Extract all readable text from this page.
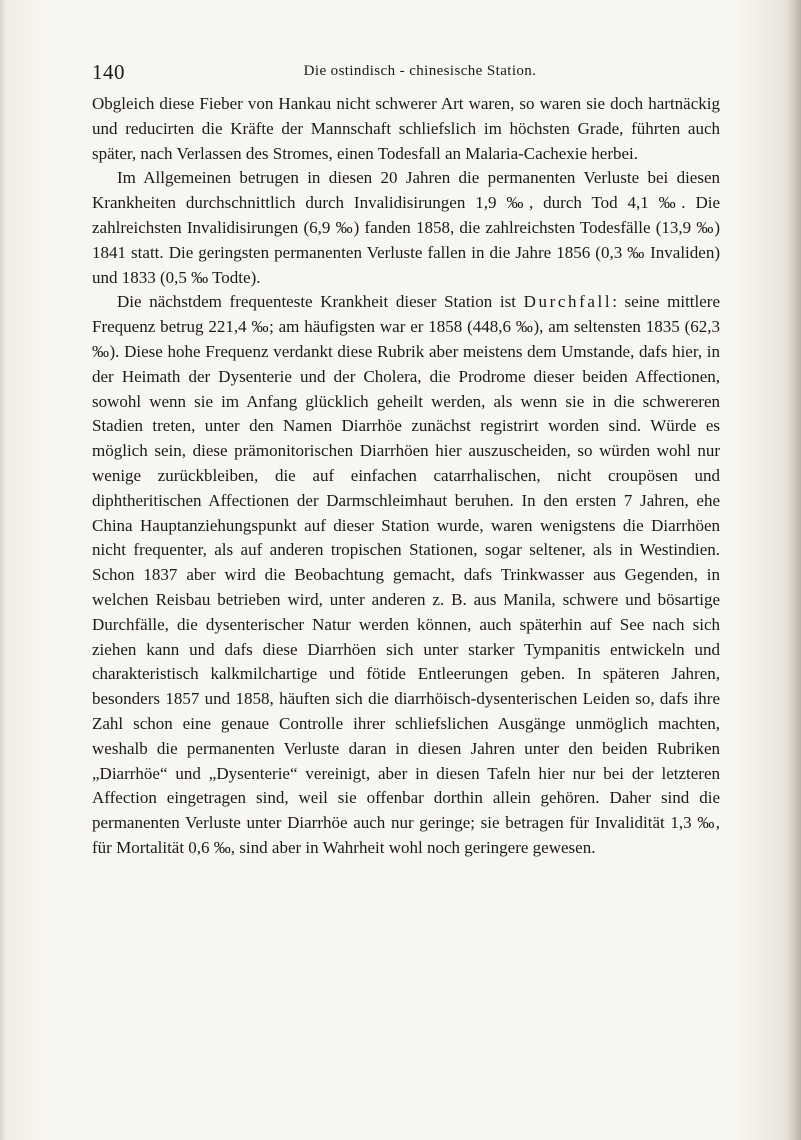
140	Die ostindisch - chinesische Station.

Obgleich diese Fieber von Hankau nicht schwerer Art waren, so waren sie doch hartnäckig und reducirten die Kräfte der Mannschaft schliefslich im höchsten Grade, führten auch später, nach Verlassen des Stromes, einen Todesfall an Malaria-Cachexie herbei.

Im Allgemeinen betrugen in diesen 20 Jahren die permanenten Verluste bei diesen Krankheiten durchschnittlich durch Invalidisirungen 1,9 ‰, durch Tod 4,1 ‰. Die zahlreichsten Invalidisirungen (6,9 ‰) fanden 1858, die zahlreichsten Todesfälle (13,9 ‰) 1841 statt. Die geringsten permanenten Verluste fallen in die Jahre 1856 (0,3 ‰ Invaliden) und 1833 (0,5 ‰ Todte).

Die nächstdem frequenteste Krankheit dieser Station ist Durchfall: seine mittlere Frequenz betrug 221,4 ‰; am häufigsten war er 1858 (448,6 ‰), am seltensten 1835 (62,3 ‰). Diese hohe Frequenz verdankt diese Rubrik aber meistens dem Umstande, dafs hier, in der Heimath der Dysenterie und der Cholera, die Prodrome dieser beiden Affectionen, sowohl wenn sie im Anfang glücklich geheilt werden, als wenn sie in die schwereren Stadien treten, unter den Namen Diarrhöe zunächst registrirt worden sind. Würde es möglich sein, diese prämonitorischen Diarrhöen hier auszuscheiden, so würden wohl nur wenige zurückbleiben, die auf einfachen catarrhalischen, nicht croupösen und diphtheritischen Affectionen der Darmschleimhaut beruhen. In den ersten 7 Jahren, ehe China Hauptanziehungspunkt auf dieser Station wurde, waren wenigstens die Diarrhöen nicht frequenter, als auf anderen tropischen Stationen, sogar seltener, als in Westindien. Schon 1837 aber wird die Beobachtung gemacht, dafs Trinkwasser aus Gegenden, in welchen Reisbau betrieben wird, unter anderen z. B. aus Manila, schwere und bösartige Durchfälle, die dysenterischer Natur werden können, auch späterhin auf See nach sich ziehen kann und dafs diese Diarrhöen sich unter starker Tympanitis entwickeln und charakteristisch kalkmilchartige und fötide Entleerungen geben. In späteren Jahren, besonders 1857 und 1858, häuften sich die diarrhöisch-dysenterischen Leiden so, dafs ihre Zahl schon eine genaue Controlle ihrer schliefslichen Ausgänge unmöglich machten, weshalb die permanenten Verluste daran in diesen Jahren unter den beiden Rubriken „Diarrhöe“ und „Dysenterie“ vereinigt, aber in diesen Tafeln hier nur bei der letzteren Affection eingetragen sind, weil sie offenbar dorthin allein gehören. Daher sind die permanenten Verluste unter Diarrhöe auch nur geringe; sie betragen für Invalidität 1,3 ‰, für Mortalität 0,6 ‰, sind aber in Wahrheit wohl noch geringere gewesen.
